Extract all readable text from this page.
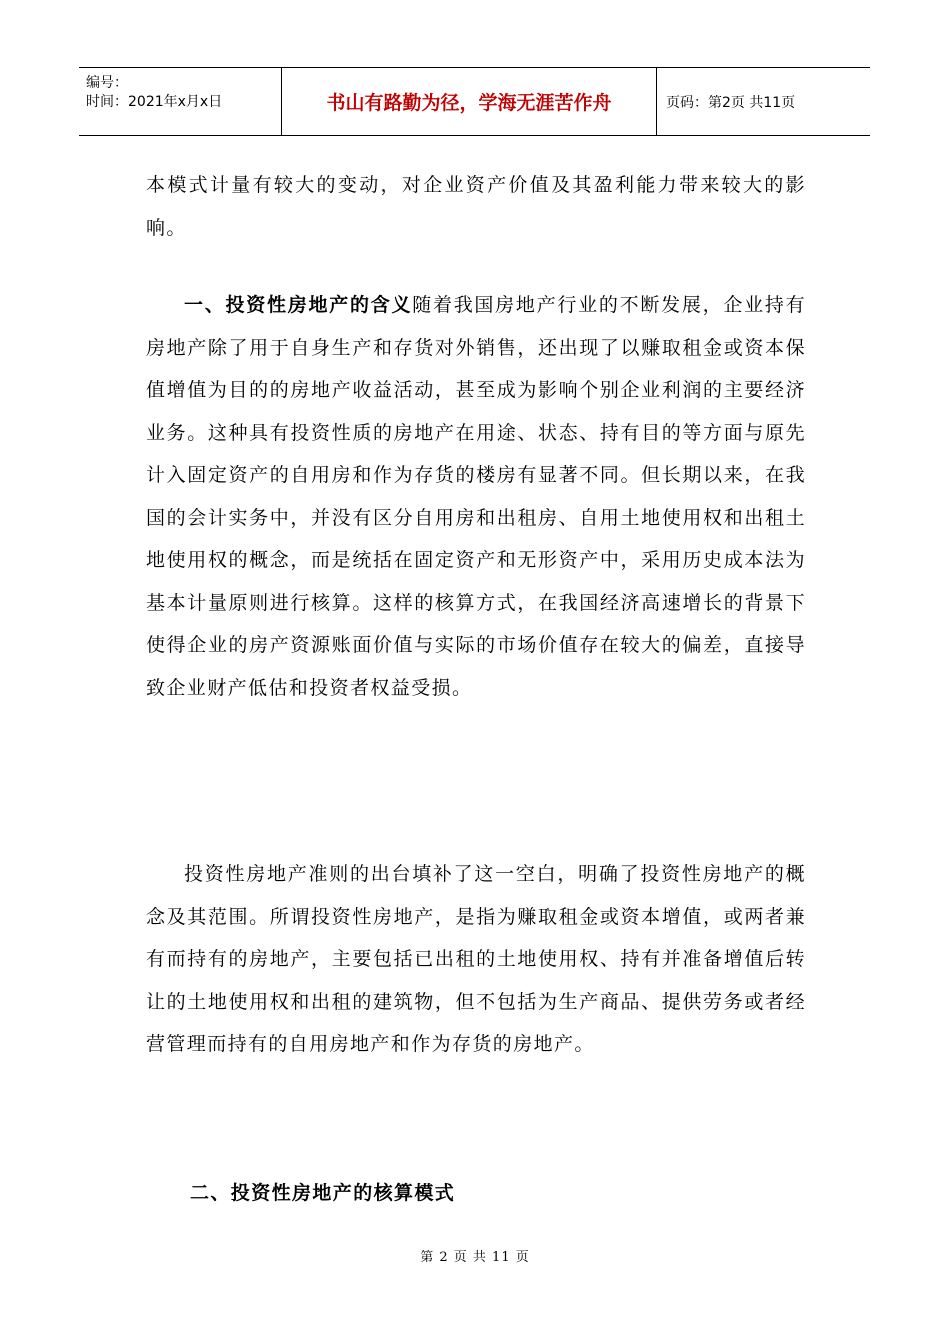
编号：
时间：2021年x月x日	书山有路勤为径，学海无涯苦作舟	页码：第2页 共11页
本模式计量有较大的变动，对企业资产价值及其盈利能力带来较大的影响。
一、投资性房地产的含义随着我国房地产行业的不断发展，企业持有房地产除了用于自身生产和存货对外销售，还出现了以赚取租金或资本保值增值为目的的房地产收益活动，甚至成为影响个别企业利润的主要经济业务。这种具有投资性质的房地产在用途、状态、持有目的等方面与原先计入固定资产的自用房和作为存货的楼房有显著不同。但长期以来，在我国的会计实务中，并没有区分自用房和出租房、自用土地使用权和出租土地使用权的概念，而是统括在固定资产和无形资产中，采用历史成本法为基本计量原则进行核算。这样的核算方式，在我国经济高速增长的背景下使得企业的房产资源账面价值与实际的市场价值存在较大的偏差，直接导致企业财产低估和投资者权益受损。
投资性房地产准则的出台填补了这一空白，明确了投资性房地产的概念及其范围。所谓投资性房地产，是指为赚取租金或资本增值，或两者兼有而持有的房地产，主要包括已出租的土地使用权、持有并准备增值后转让的土地使用权和出租的建筑物，但不包括为生产商品、提供劳务或者经营管理而持有的自用房地产和作为存货的房地产。
二、投资性房地产的核算模式
第 2 页 共 11 页
